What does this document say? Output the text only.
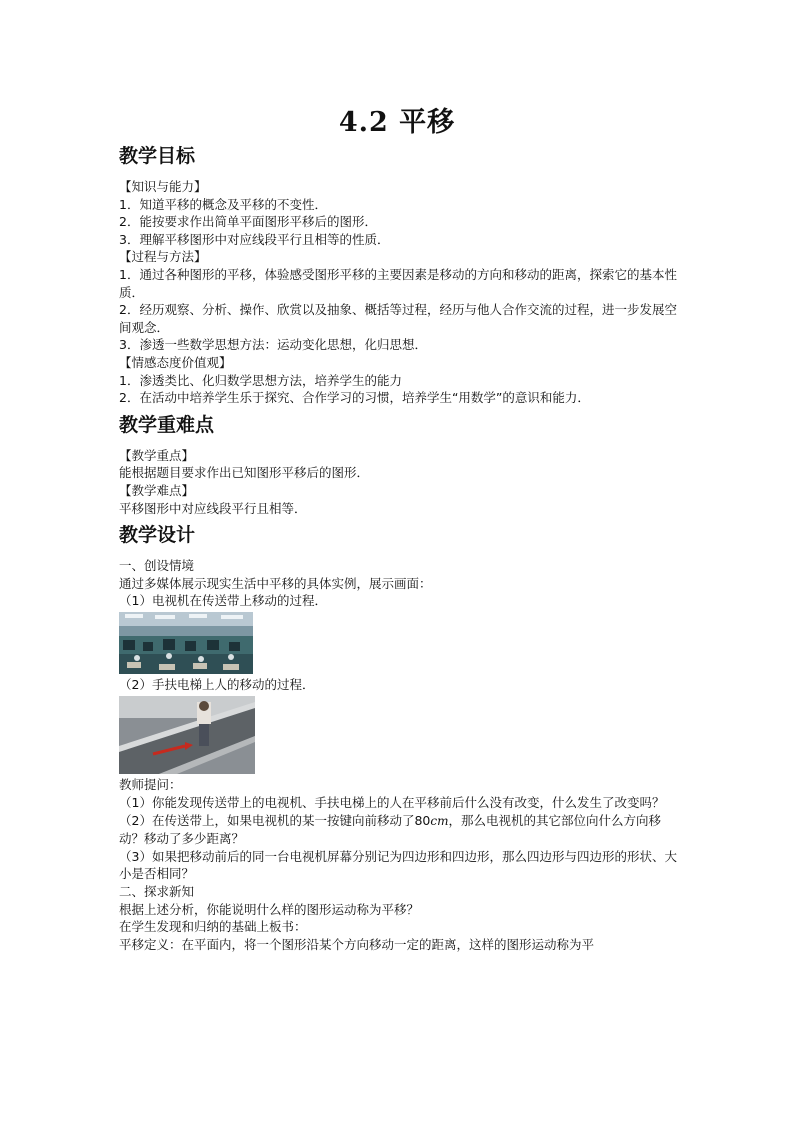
4.2 平移
教学目标

【知识与能力】

1．知道平移的概念及平移的不变性．

2．能按要求作出简单平面图形平移后的图形．

3．理解平移图形中对应线段平行且相等的性质．

【过程与方法】

1．通过各种图形的平移，体验感受图形平移的主要因素是移动的方向和移动的距离，探索它的基本性质．

2．经历观察、分析、操作、欣赏以及抽象、概括等过程，经历与他人合作交流的过程，进一步发展空间观念．

3．渗透一些数学思想方法：运动变化思想，化归思想．

【情感态度价值观】

1．渗透类比、化归数学思想方法，培养学生的能力

2．在活动中培养学生乐于探究、合作学习的习惯，培养学生“用数学”的意识和能力．

教学重难点

【教学重点】

能根据题目要求作出已知图形平移后的图形．

【教学难点】

平移图形中对应线段平行且相等．

教学设计

一、创设情境

通过多媒体展示现实生活中平移的具体实例，展示画面：

（1）电视机在传送带上移动的过程．

（2）手扶电梯上人的移动的过程．

教师提问：

（1）你能发现传送带上的电视机、手扶电梯上的人在平移前后什么没有改变，什么发生了改变吗？

（2）在传送带上，如果电视机的某一按键向前移动了80cm，那么电视机的其它部位向什么方向移动？移动了多少距离？

（3）如果把移动前后的同一台电视机屏幕分别记为四边形和四边形，那么四边形与四边形的形状、大小是否相同？

二、探求新知

根据上述分析，你能说明什么样的图形运动称为平移？

在学生发现和归纳的基础上板书：

平移定义：在平面内，将一个图形沿某个方向移动一定的距离，这样的图形运动称为平
